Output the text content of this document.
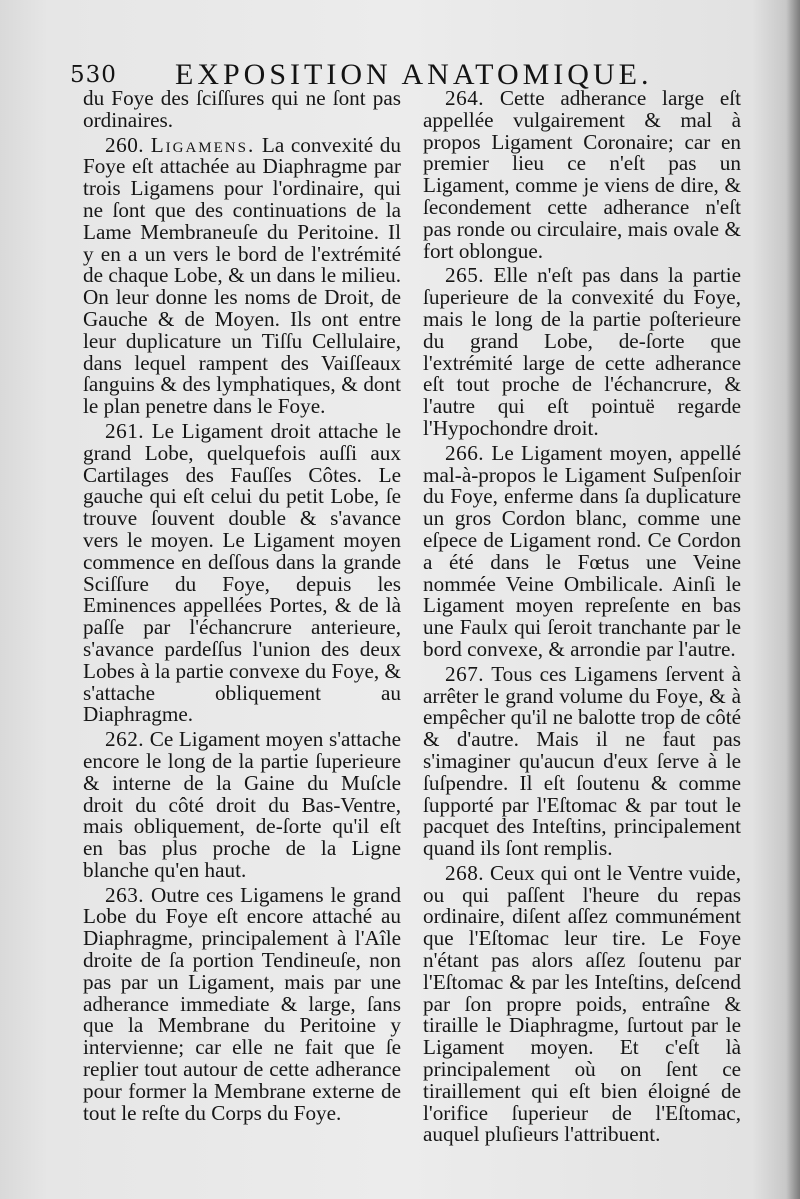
530 EXPOSITION ANATOMIQUE.

du Foye des ſciſſures qui ne ſont pas ordinaires.

260. Ligamens. La convexité du Foye eſt attachée au Diaphragme par trois Ligamens pour l'ordinaire, qui ne ſont que des continuations de la Lame Membraneuſe du Peritoine. Il y en a un vers le bord de l'extrémité de chaque Lobe, & un dans le milieu. On leur donne les noms de Droit, de Gauche & de Moyen. Ils ont entre leur duplicature un Tiſſu Cellulaire, dans lequel rampent des Vaiſſeaux ſanguins & des lymphatiques, & dont le plan penetre dans le Foye.

261. Le Ligament droit attache le grand Lobe, quelquefois auſſi aux Cartilages des Fauſſes Côtes. Le gauche qui eſt celui du petit Lobe, ſe trouve ſouvent double & s'avance vers le moyen. Le Ligament moyen commence en deſſous dans la grande Sciſſure du Foye, depuis les Eminences appellées Portes, & de là paſſe par l'échancrure anterieure, s'avance pardeſſus l'union des deux Lobes à la partie convexe du Foye, & s'attache obliquement au Diaphragme.

262. Ce Ligament moyen s'attache encore le long de la partie ſuperieure & interne de la Gaine du Muſcle droit du côté droit du Bas-Ventre, mais obliquement, de-ſorte qu'il eſt en bas plus proche de la Ligne blanche qu'en haut.

263. Outre ces Ligamens le grand Lobe du Foye eſt encore attaché au Diaphragme, principalement à l'Aîle droite de ſa portion Tendineuſe, non pas par un Ligament, mais par une adherance immediate & large, ſans que la Membrane du Peritoine y intervienne; car elle ne fait que ſe replier tout autour de cette adherance pour former la Membrane externe de tout le reſte du Corps du Foye.

264. Cette adherance large eſt appellée vulgairement & mal à propos Ligament Coronaire; car en premier lieu ce n'eſt pas un Ligament, comme je viens de dire, & ſecondement cette adherance n'eſt pas ronde ou circulaire, mais ovale & fort oblongue.

265. Elle n'eſt pas dans la partie ſuperieure de la convexité du Foye, mais le long de la partie poſterieure du grand Lobe, de-ſorte que l'extrémité large de cette adherance eſt tout proche de l'échancrure, & l'autre qui eſt pointuë regarde l'Hypochondre droit.

266. Le Ligament moyen, appellé mal-à-propos le Ligament Suſpenſoir du Foye, enferme dans ſa duplicature un gros Cordon blanc, comme une eſpece de Ligament rond. Ce Cordon a été dans le Fœtus une Veine nommée Veine Ombilicale. Ainſi le Ligament moyen repreſente en bas une Faulx qui ſeroit tranchante par le bord convexe, & arrondie par l'autre.

267. Tous ces Ligamens ſervent à arrêter le grand volume du Foye, & à empêcher qu'il ne balotte trop de côté & d'autre. Mais il ne faut pas s'imaginer qu'aucun d'eux ſerve à le ſuſpendre. Il eſt ſoutenu & comme ſupporté par l'Eſtomac & par tout le pacquet des Inteſtins, principalement quand ils ſont remplis.

268. Ceux qui ont le Ventre vuide, ou qui paſſent l'heure du repas ordinaire, diſent aſſez communément que l'Eſtomac leur tire. Le Foye n'étant pas alors aſſez ſoutenu par l'Eſtomac & par les Inteſtins, deſcend par ſon propre poids, entraîne & tiraille le Diaphragme, ſurtout par le Ligament moyen. Et c'eſt là principalement où on ſent ce tiraillement qui eſt bien éloigné de l'orifice ſuperieur de l'Eſtomac, auquel pluſieurs l'attribuent.
